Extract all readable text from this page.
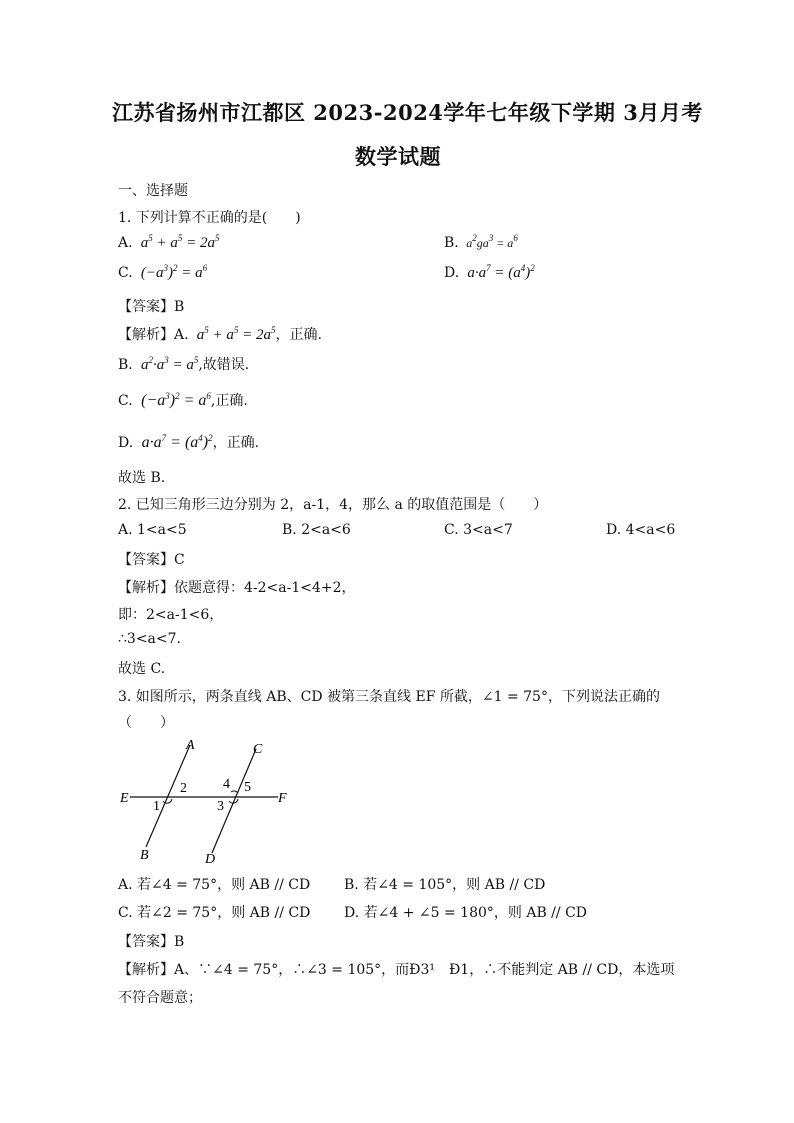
江苏省扬州市江都区 2023-2024学年七年级下学期 3月月考
数学试题
一、选择题
1. 下列计算不正确的是(　　)
A.  $a^5 + a^5 = 2a^5$	B.  $a^2ga^3 = a^6$
C.  $(-a^3)^2 = a^6$	D.  $a\cdot a^7 = (a^4)^2$
【答案】B
【解析】A.  $a^5 + a^5 = 2a^5$，正确.
B.  $a^2\cdot a^3 = a^5$,故错误.
C.  $(-a^3)^2 = a^6$,正确.
D.  $a\cdot a^7 = (a^4)^2$，正确.
故选 B.
2. 已知三角形三边分别为 2，a-1，4，那么 a 的取值范围是（　　）
A. 1<a<5	B. 2<a<6	C. 3<a<7	D. 4<a<6
【答案】C
【解析】依题意得：4-2<a-1<4+2，
即：2<a-1<6，
∴3<a<7.
故选 C.
3. 如图所示，两条直线 AB、CD 被第三条直线 EF 所截，∠1 = 75°，下列说法正确的
（　　）
A
B
C
D
E	F
1
2
3
4 5
A. 若∠4 = 75°，则 AB // CD B. 若∠4 = 105°，则 AB // CD
C. 若∠2 = 75°，则 AB // CD D. 若∠4 + ∠5 = 180°，则 AB // CD
【答案】B
【解析】A、∵∠4 = 75°，∴∠3 = 105°，而Ð3¹　Ð1，∴不能判定 AB // CD，本选项
不符合题意；
